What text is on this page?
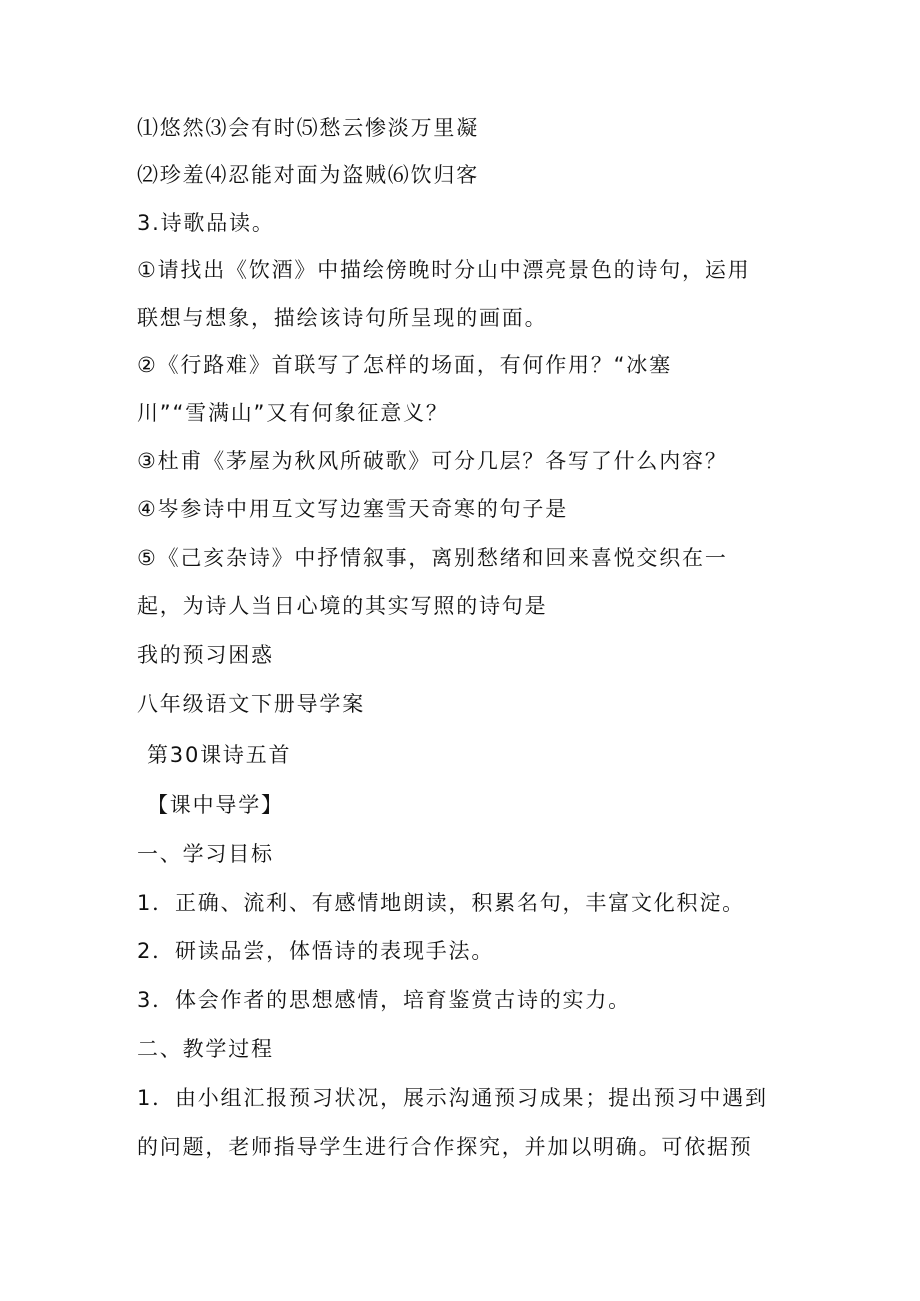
⑴悠然⑶会有时⑸愁云惨淡万里凝
⑵珍羞⑷忍能对面为盗贼⑹饮归客
3.诗歌品读。
①请找出《饮酒》中描绘傍晚时分山中漂亮景色的诗句，运用
联想与想象，描绘该诗句所呈现的画面。
②《行路难》首联写了怎样的场面，有何作用？“冰塞
川”“雪满山”又有何象征意义？
③杜甫《茅屋为秋风所破歌》可分几层？各写了什么内容？
④岑参诗中用互文写边塞雪天奇寒的句子是
⑤《己亥杂诗》中抒情叙事，离别愁绪和回来喜悦交织在一
起，为诗人当日心境的其实写照的诗句是
我的预习困惑
八年级语文下册导学案
第30课诗五首
【课中导学】
一、学习目标
1．正确、流利、有感情地朗读，积累名句，丰富文化积淀。
2．研读品尝，体悟诗的表现手法。
3．体会作者的思想感情，培育鉴赏古诗的实力。
二、教学过程
1．由小组汇报预习状况，展示沟通预习成果；提出预习中遇到
的问题，老师指导学生进行合作探究，并加以明确。可依据预
